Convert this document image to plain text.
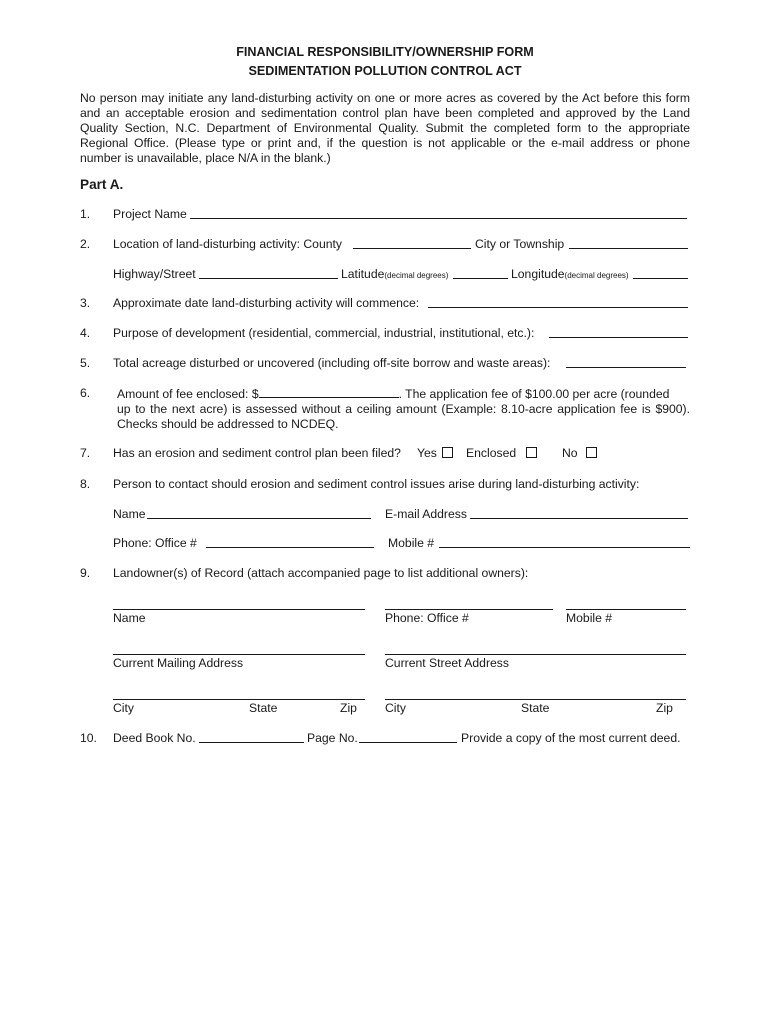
FINANCIAL RESPONSIBILITY/OWNERSHIP FORM
SEDIMENTATION POLLUTION CONTROL ACT
No person may initiate any land-disturbing activity on one or more acres as covered by the Act before this form
and an acceptable erosion and sedimentation control plan have been completed and approved by the Land
Quality Section, N.C. Department of Environmental Quality. Submit the completed form to the appropriate
Regional Office. (Please type or print and, if the question is not applicable or the e-mail address or phone
number is unavailable, place N/A in the blank.)
Part A.
1. Project Name
2. Location of land-disturbing activity: County	City or Township
Highway/Street	Latitude(decimal degrees)	Longitude(decimal degrees)
3. Approximate date land-disturbing activity will commence:
4. Purpose of development (residential, commercial, industrial, institutional, etc.):
5. Total acreage disturbed or uncovered (including off-site borrow and waste areas):
6. Amount of fee enclosed: $	. The application fee of $100.00 per acre (rounded
up to the next acre) is assessed without a ceiling amount (Example: 8.10-acre application fee is $900).
Checks should be addressed to NCDEQ.
7. Has an erosion and sediment control plan been filed? Yes	Enclosed	No
8. Person to contact should erosion and sediment control issues arise during land-disturbing activity:
Name	E-mail Address
Phone: Office #	Mobile #
9. Landowner(s) of Record (attach accompanied page to list additional owners):
Name	Phone: Office #	Mobile #
Current Mailing Address	Current Street Address
City	State	Zip City	State	Zip
10. Deed Book No.	Page No.	Provide a copy of the most current deed.
